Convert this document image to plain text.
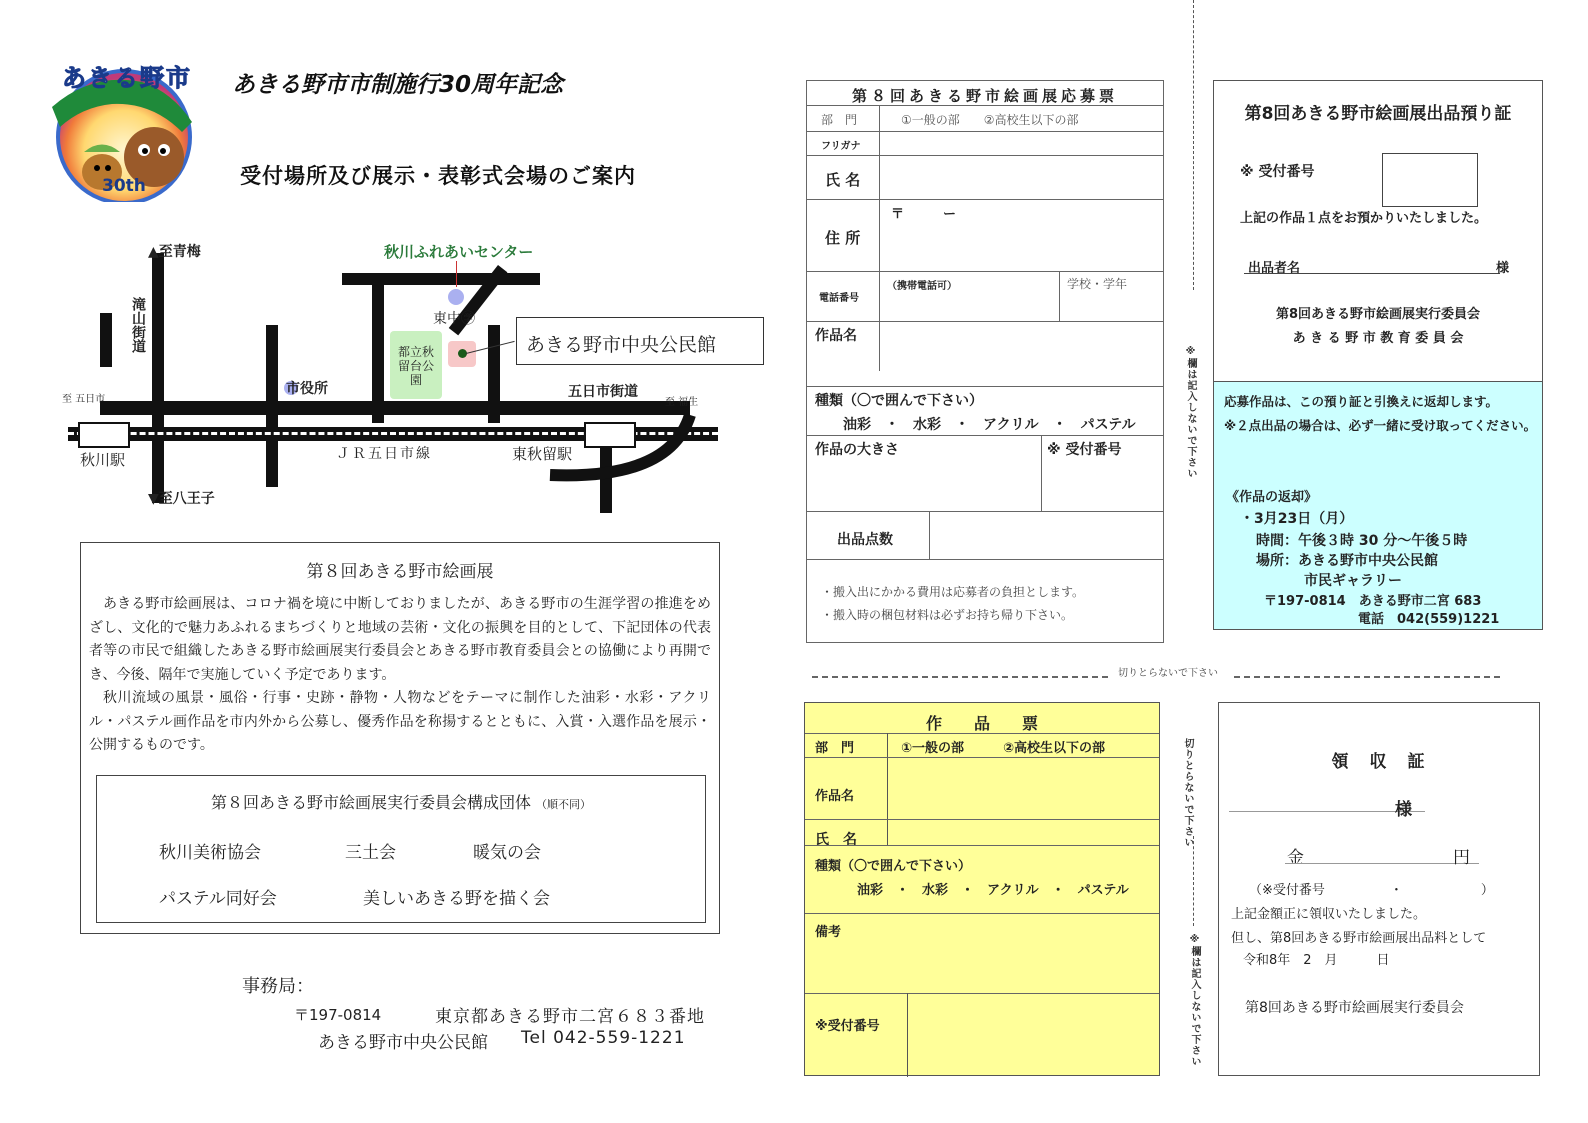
あきる野市
30th
あきる野市市制施行30周年記念
受付場所及び展示・表彰式会場のご案内
都立秋留台公園
あきる野市中央公民館
秋川ふれあいセンター
東中㊫
市役所
▲至青梅
▼至八王子
滝山街道
五日市街道
至 五日市	至 福生
秋川駅	ＪＲ五日市線	東秋留駅
第８回あきる野市絵画展
あきる野市絵画展は、コロナ禍を境に中断しておりましたが、あきる野市の生涯学習の推進をめざし、文化的で魅力あふれるまちづくりと地域の芸術・文化の振興を目的として、下記団体の代表者等の市民で組織したあきる野市絵画展実行委員会とあきる野市教育委員会との協働により再開でき、今後、隔年で実施していく予定であります。
秋川流域の風景・風俗・行事・史跡・静物・人物などをテーマに制作した油彩・水彩・アクリル・パステル画作品を市内外から公募し、優秀作品を称揚するとともに、入賞・入選作品を展示・公開するものです。
第８回あきる野市絵画展実行委員会構成団体 （順不同）
秋川美術協会	三土会	暖気の会
パステル同好会	美しいあきる野を描く会
事務局：
〒197-0814	東京都あきる野市二宮６８３番地
あきる野市中央公民館 Tel 042-559-1221
第８回あきる野市絵画展応募票
部　門	①一般の部　　②高校生以下の部
フリガナ
氏 名
住 所
〒　　　ー
電話番号
（携帯電話可）	学校・学年
作品名
種類（〇で囲んで下さい）
油彩　・　水彩　・　アクリル　・　パステル
作品の大きさ	※ 受付番号
出品点数
・搬入出にかかる費用は応募者の負担とします。
・搬入時の梱包材料は必ずお持ち帰り下さい。
※欄は記入しないで下さい
切りとらないで下さい
切りとらないで下さい
※欄は記入しないで下さい
第8回あきる野市絵画展出品預り証
※ 受付番号
上記の作品１点をお預かりいたしました。
出品者名	様
第8回あきる野市絵画展実行委員会
あ き る 野 市 教 育 委 員 会
応募作品は、この預り証と引換えに返却します。
※２点出品の場合は、必ず一緒に受け取ってください。
《作品の返却》
・3月23日（月）
時間：午後３時 30 分～午後５時
場所：あきる野市中央公民館
市民ギャラリー
〒197-0814　あきる野市二宮 683
電話　042(559)1221
作　　品　　票
部　門	①一般の部　　　②高校生以下の部
作品名
氏　名
種類（〇で囲んで下さい）
油彩　・　水彩　・　アクリル　・　パステル
備考
※受付番号
領　収　証
様
金	円
（※受付番号　　　　　・　　　　　　）
上記金額正に領収いたしました。
但し、第8回あきる野市絵画展出品料として
令和8年　2　月　　　日
第8回あきる野市絵画展実行委員会
